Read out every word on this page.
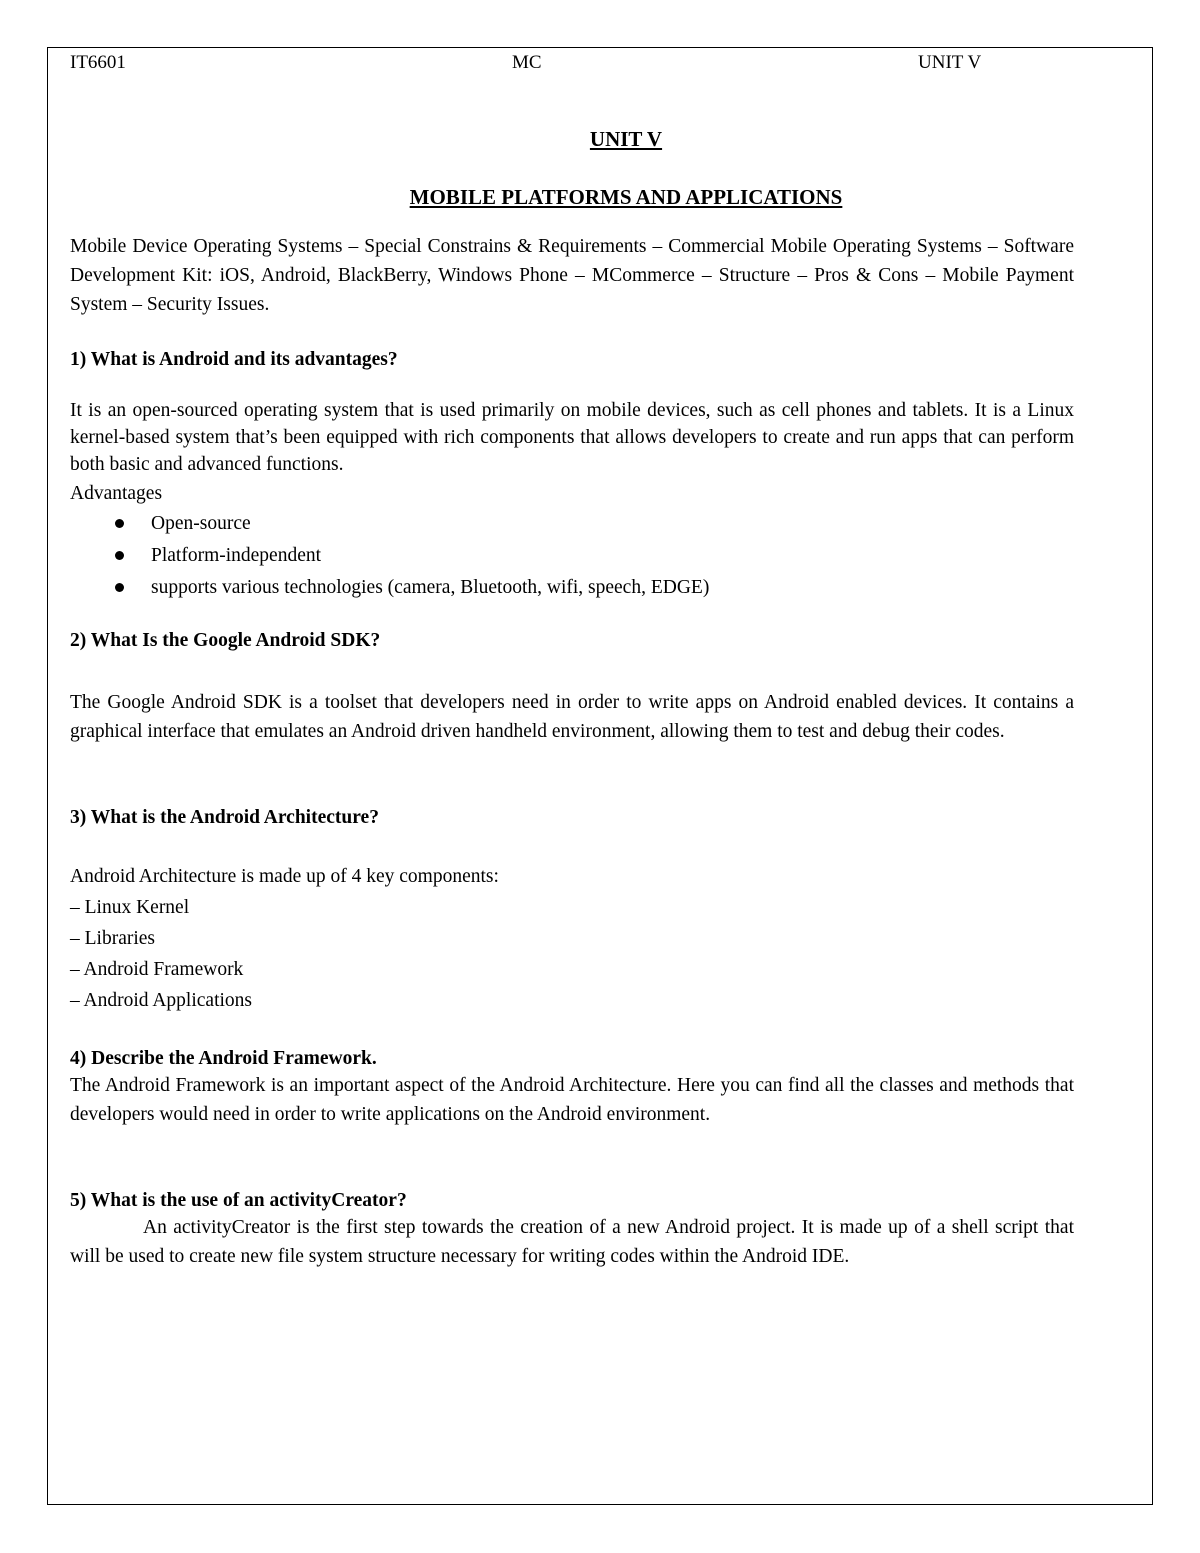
IT6601	MC	UNIT V
UNIT V
MOBILE PLATFORMS AND APPLICATIONS
Mobile Device Operating Systems – Special Constrains & Requirements – Commercial Mobile Operating Systems – Software Development Kit: iOS, Android, BlackBerry, Windows Phone – MCommerce – Structure – Pros & Cons – Mobile Payment System – Security Issues.
1) What is Android and its advantages?
It is an open-sourced operating system that is used primarily on mobile devices, such as cell phones and tablets. It is a Linux kernel-based system that’s been equipped with rich components that allows developers to create and run apps that can perform both basic and advanced functions.
Advantages
Open-source
Platform-independent
supports various technologies (camera, Bluetooth, wifi, speech, EDGE)
2) What Is the Google Android SDK?
The Google Android SDK is a toolset that developers need in order to write apps on Android enabled devices. It contains a graphical interface that emulates an Android driven handheld environment, allowing them to test and debug their codes.
3) What is the Android Architecture?
Android Architecture is made up of 4 key components:
– Linux Kernel
– Libraries
– Android Framework
– Android Applications
4) Describe the Android Framework.
The Android Framework is an important aspect of the Android Architecture. Here you can find all the classes and methods that developers would need in order to write applications on the Android environment.
5) What is the use of an activityCreator?
An activityCreator is the first step towards the creation of a new Android project. It is made up of a shell script that will be used to create new file system structure necessary for writing codes within the Android IDE.
